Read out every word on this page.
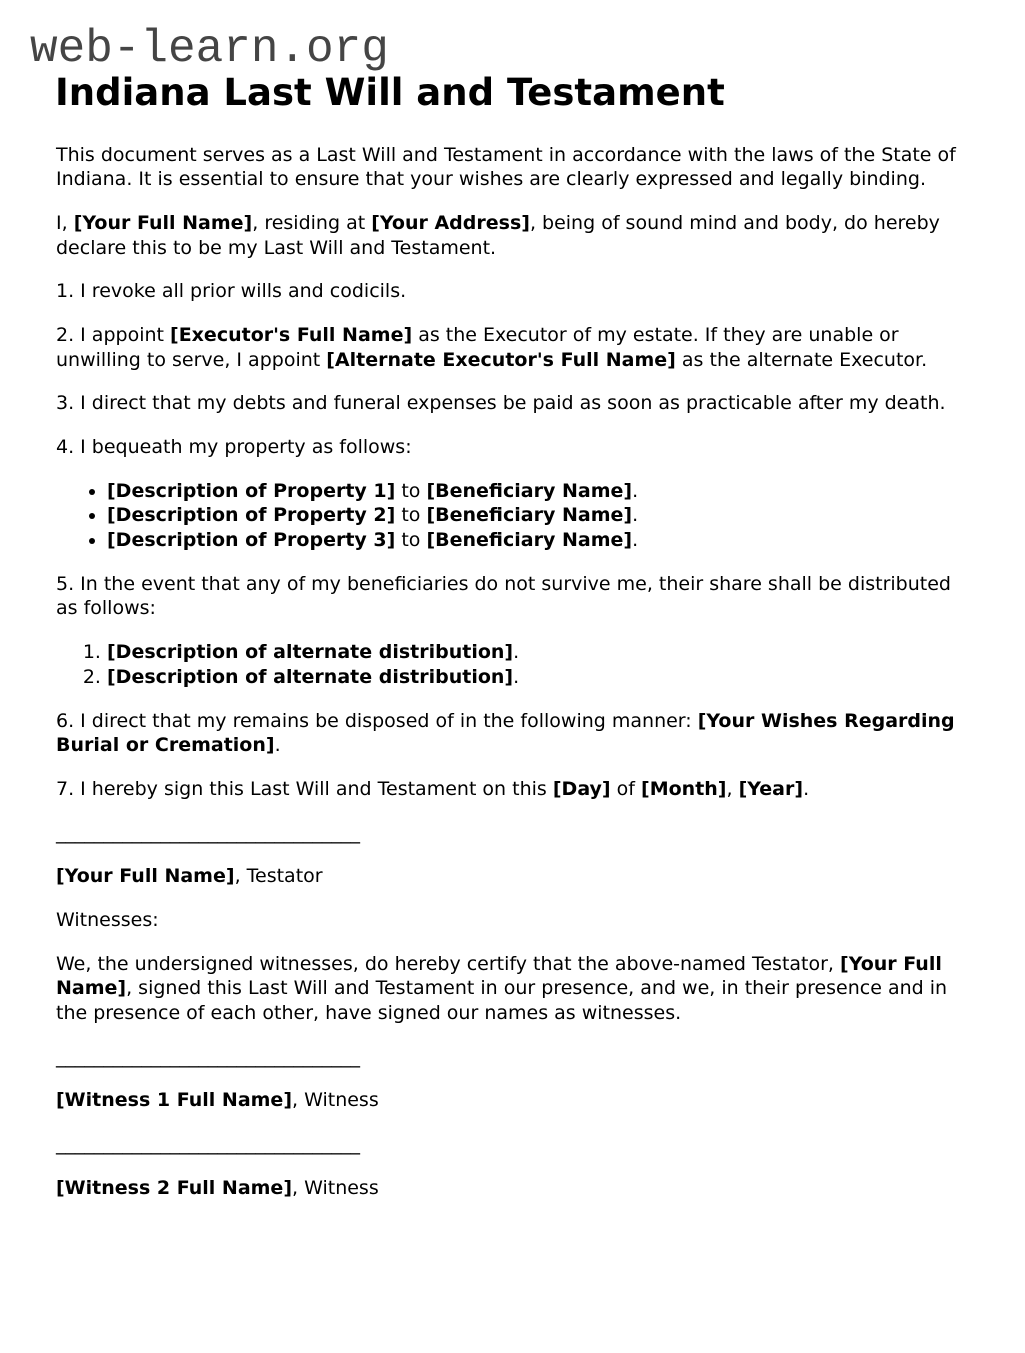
web-learn.org
Indiana Last Will and Testament

This document serves as a Last Will and Testament in accordance with the laws of the State of Indiana. It is essential to ensure that your wishes are clearly expressed and legally binding.

I, [Your Full Name], residing at [Your Address], being of sound mind and body, do hereby declare this to be my Last Will and Testament.

1. I revoke all prior wills and codicils.

2. I appoint [Executor's Full Name] as the Executor of my estate. If they are unable or unwilling to serve, I appoint [Alternate Executor's Full Name] as the alternate Executor.

3. I direct that my debts and funeral expenses be paid as soon as practicable after my death.

4. I bequeath my property as follows:

• [Description of Property 1] to [Beneficiary Name].
• [Description of Property 2] to [Beneficiary Name].
• [Description of Property 3] to [Beneficiary Name].

5. In the event that any of my beneficiaries do not survive me, their share shall be distributed as follows:

1. [Description of alternate distribution].
2. [Description of alternate distribution].

6. I direct that my remains be disposed of in the following manner: [Your Wishes Regarding Burial or Cremation].

7. I hereby sign this Last Will and Testament on this [Day] of [Month], [Year].

________________________________

[Your Full Name], Testator

Witnesses:

We, the undersigned witnesses, do hereby certify that the above-named Testator, [Your Full Name], signed this Last Will and Testament in our presence, and we, in their presence and in the presence of each other, have signed our names as witnesses.

________________________________

[Witness 1 Full Name], Witness

________________________________

[Witness 2 Full Name], Witness
